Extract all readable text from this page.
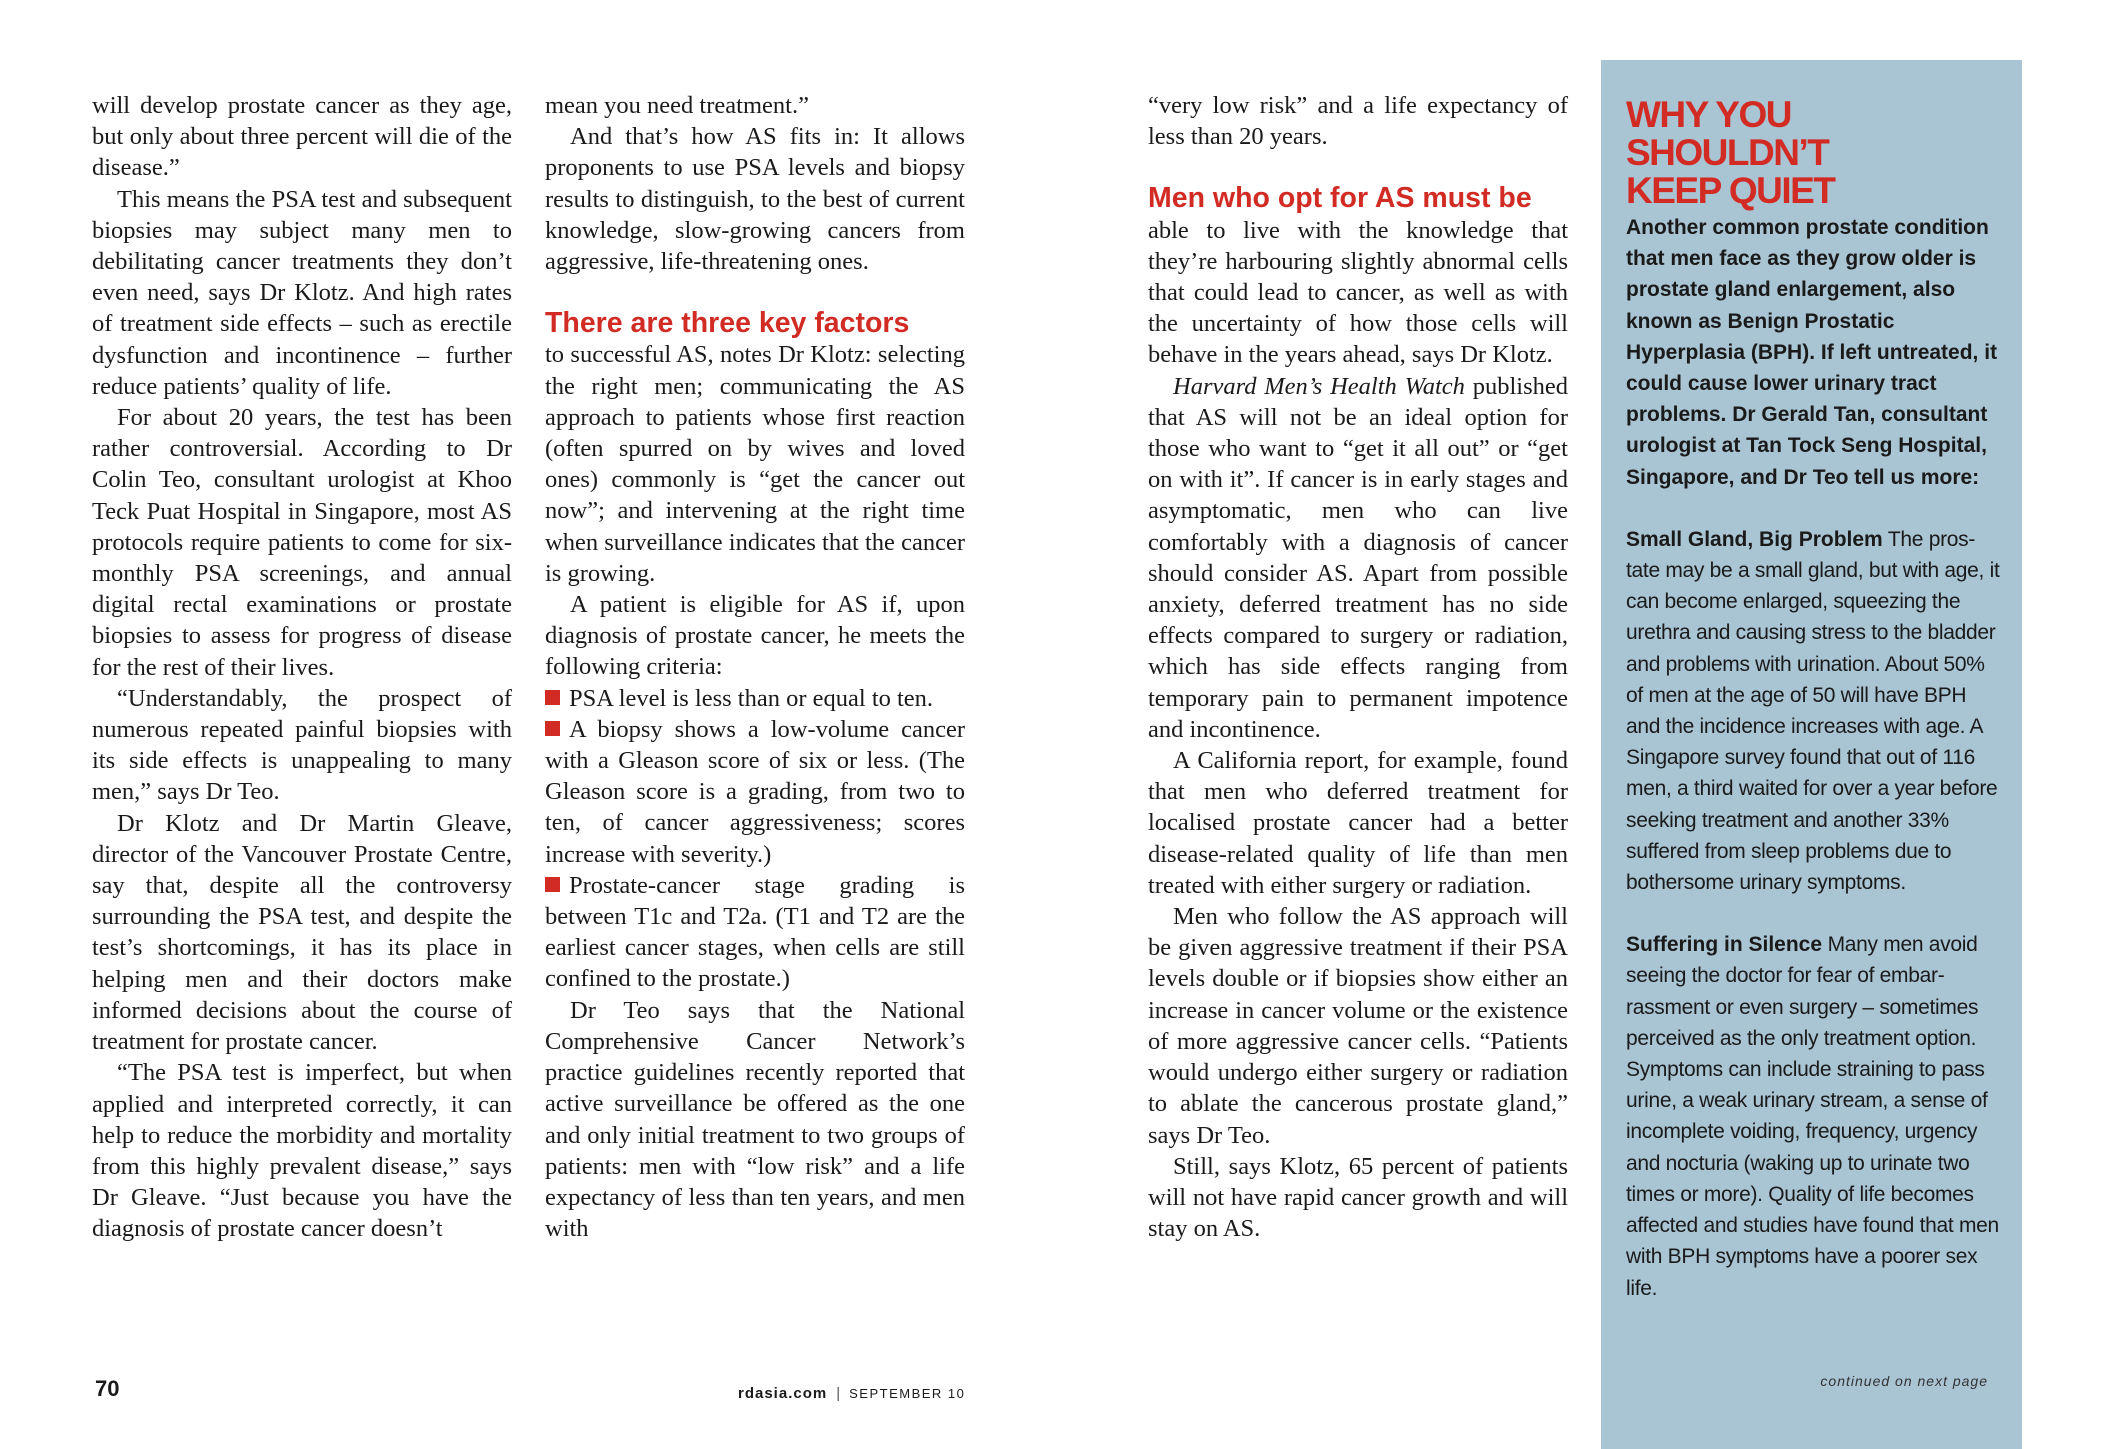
will develop prostate cancer as they age, but only about three percent will die of the disease.”

This means the PSA test and subsequent biopsies may subject many men to debilitating cancer treatments they don’t even need, says Dr Klotz. And high rates of treatment side effects – such as erectile dysfunction and incontinence – further reduce patients’ quality of life.

For about 20 years, the test has been rather controversial. According to Dr Colin Teo, consultant urologist at Khoo Teck Puat Hospital in Singapore, most AS protocols require patients to come for six-monthly PSA screenings, and annual digital rectal examinations or prostate biopsies to assess for progress of disease for the rest of their lives.

“Understandably, the prospect of numerous repeated painful biopsies with its side effects is unappealing to many men,” says Dr Teo.

Dr Klotz and Dr Martin Gleave, director of the Vancouver Prostate Centre, say that, despite all the controversy surrounding the PSA test, and despite the test’s shortcomings, it has its place in helping men and their doctors make informed decisions about the course of treatment for prostate cancer.

“The PSA test is imperfect, but when applied and interpreted correctly, it can help to reduce the morbidity and mortality from this highly prevalent disease,” says Dr Gleave. “Just because you have the diagnosis of prostate cancer doesn’t

mean you need treatment.”

And that’s how AS fits in: It allows proponents to use PSA levels and biopsy results to distinguish, to the best of current knowledge, slow-growing cancers from aggressive, life-threatening ones.

There are three key factors

to successful AS, notes Dr Klotz: selecting the right men; communicating the AS approach to patients whose first reaction (often spurred on by wives and loved ones) commonly is “get the cancer out now”; and intervening at the right time when surveillance indicates that the cancer is growing.

A patient is eligible for AS if, upon diagnosis of prostate cancer, he meets the following criteria:

PSA level is less than or equal to ten.

A biopsy shows a low-volume cancer with a Gleason score of six or less. (The Gleason score is a grading, from two to ten, of cancer aggressiveness; scores increase with severity.)

Prostate-cancer stage grading is between T1c and T2a. (T1 and T2 are the earliest cancer stages, when cells are still confined to the prostate.)

Dr Teo says that the National Comprehensive Cancer Network’s practice guidelines recently reported that active surveillance be offered as the one and only initial treatment to two groups of patients: men with “low risk” and a life expectancy of less than ten years, and men with

“very low risk” and a life expectancy of less than 20 years.

Men who opt for AS must be

able to live with the knowledge that they’re harbouring slightly abnormal cells that could lead to cancer, as well as with the uncertainty of how those cells will behave in the years ahead, says Dr Klotz.

Harvard Men’s Health Watch published that AS will not be an ideal option for those who want to “get it all out” or “get on with it”. If cancer is in early stages and asymptomatic, men who can live comfortably with a diagnosis of cancer should consider AS. Apart from possible anxiety, deferred treatment has no side effects compared to surgery or radiation, which has side effects ranging from temporary pain to permanent impotence and incontinence.

A California report, for example, found that men who deferred treatment for localised prostate cancer had a better disease-related quality of life than men treated with either surgery or radiation.

Men who follow the AS approach will be given aggressive treatment if their PSA levels double or if biopsies show either an increase in cancer volume or the existence of more aggressive cancer cells. “Patients would undergo either surgery or radiation to ablate the cancerous prostate gland,” says Dr Teo.

Still, says Klotz, 65 percent of patients will not have rapid cancer growth and will stay on AS.

WHY YOU
SHOULDN’T
KEEP QUIET

Another common prostate condition that men face as they grow older is prostate gland enlargement, also known as Benign Prostatic Hyperplasia (BPH). If left untreated, it could cause lower urinary tract problems. Dr Gerald Tan, consultant urologist at Tan Tock Seng Hospital, Singapore, and Dr Teo tell us more:

Small Gland, Big Problem The prostate may be a small gland, but with age, it can become enlarged, squeezing the urethra and causing stress to the bladder and problems with urination. About 50% of men at the age of 50 will have BPH and the incidence increases with age. A Singapore survey found that out of 116 men, a third waited for over a year before seeking treatment and another 33% suffered from sleep problems due to bothersome urinary symptoms.

Suffering in Silence Many men avoid seeing the doctor for fear of embarrassment or even surgery – sometimes perceived as the only treatment option. Symptoms can include straining to pass urine, a weak urinary stream, a sense of incomplete voiding, frequency, urgency and nocturia (waking up to urinate two times or more). Quality of life becomes affected and studies have found that men with BPH symptoms have a poorer sex life.

continued on next page
70	rdasia.com | SEPTEMBER 10
